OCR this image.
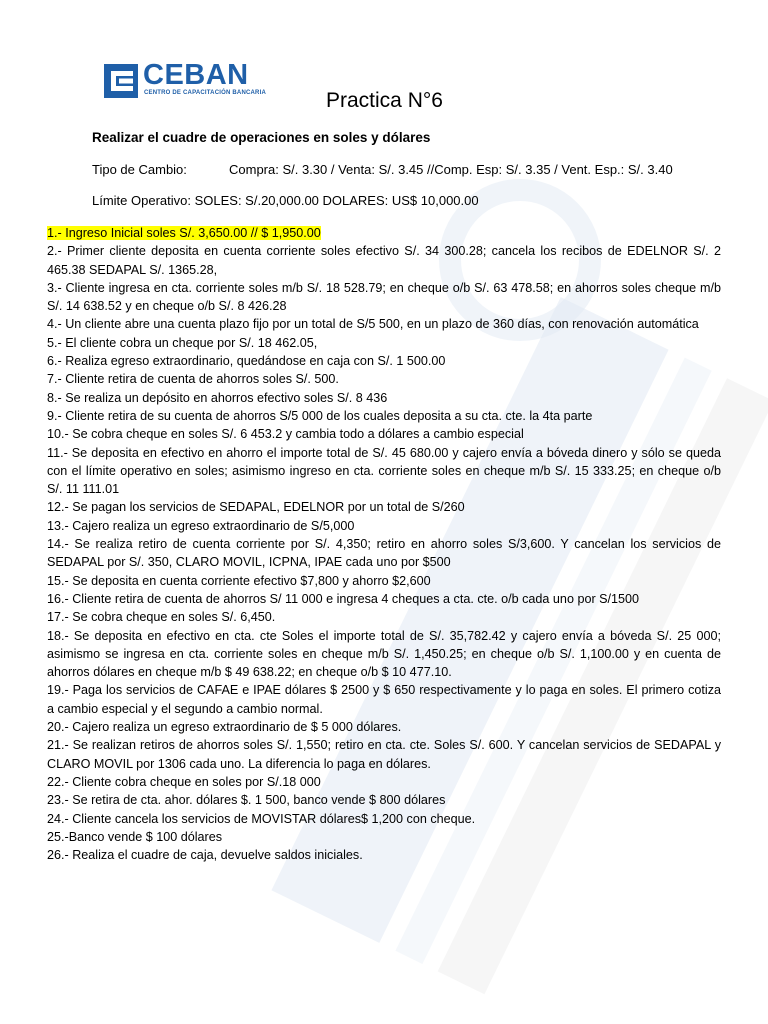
CEBAN
CENTRO DE CAPACITACIÓN BANCARIA	Practica N°6
Realizar el cuadre de operaciones en soles y dólares
Tipo de Cambio:	Compra: S/. 3.30 / Venta: S/. 3.45 //Comp. Esp: S/. 3.35 / Vent. Esp.: S/. 3.40
Límite Operativo: SOLES: S/.20,000.00 DOLARES: US$ 10,000.00

1.- Ingreso Inicial soles S/. 3,650.00 // $ 1,950.00

2.- Primer cliente deposita en cuenta corriente soles efectivo S/. 34 300.28; cancela los recibos de EDELNOR S/. 2 465.38 SEDAPAL S/. 1365.28,

3.- Cliente ingresa en cta. corriente soles m/b S/. 18 528.79; en cheque o/b S/. 63 478.58; en ahorros soles cheque m/b S/. 14 638.52 y en cheque o/b S/. 8 426.28

4.- Un cliente abre una cuenta plazo fijo por un total de S/5 500, en un plazo de 360 días, con renovación automática

5.- El cliente cobra un cheque por S/. 18 462.05,

6.- Realiza egreso extraordinario, quedándose en caja con S/. 1 500.00

7.- Cliente retira de cuenta de ahorros soles S/. 500.

8.- Se realiza un depósito en ahorros efectivo soles S/. 8 436

9.- Cliente retira de su cuenta de ahorros S/5 000 de los cuales deposita a su cta. cte. la 4ta parte

10.- Se cobra cheque en soles S/. 6 453.2 y cambia todo a dólares a cambio especial

11.- Se deposita en efectivo en ahorro el importe total de S/. 45 680.00 y cajero envía a bóveda dinero y sólo se queda con el límite operativo en soles; asimismo ingreso en cta. corriente soles en cheque m/b S/. 15 333.25; en cheque o/b S/. 11 111.01

12.- Se pagan los servicios de SEDAPAL, EDELNOR por un total de S/260

13.- Cajero realiza un egreso extraordinario de S/5,000

14.- Se realiza retiro de cuenta corriente por S/. 4,350; retiro en ahorro soles S/3,600. Y cancelan los servicios de SEDAPAL por S/. 350, CLARO MOVIL, ICPNA, IPAE cada uno por $500

15.- Se deposita en cuenta corriente efectivo $7,800 y ahorro $2,600

16.- Cliente retira de cuenta de ahorros S/ 11 000 e ingresa 4 cheques a cta. cte. o/b cada uno por S/1500

17.- Se cobra cheque en soles S/. 6,450.

18.- Se deposita en efectivo en cta. cte Soles el importe total de S/. 35,782.42 y cajero envía a bóveda S/. 25 000; asimismo se ingresa en cta. corriente soles en cheque m/b S/. 1,450.25; en cheque o/b S/. 1,100.00 y en cuenta de ahorros dólares en cheque m/b $ 49 638.22; en cheque o/b $ 10 477.10.

19.- Paga los servicios de CAFAE e IPAE dólares $ 2500 y $ 650 respectivamente y lo paga en soles. El primero cotiza a cambio especial y el segundo a cambio normal.

20.- Cajero realiza un egreso extraordinario de $ 5 000 dólares.

21.- Se realizan retiros de ahorros soles S/. 1,550; retiro en cta. cte. Soles S/. 600. Y cancelan servicios de SEDAPAL y CLARO MOVIL por 1306 cada uno. La diferencia lo paga en dólares.

22.- Cliente cobra cheque en soles por S/.18 000

23.- Se retira de cta. ahor. dólares $. 1 500, banco vende $ 800 dólares

24.- Cliente cancela los servicios de MOVISTAR dólares$ 1,200 con cheque.

25.-Banco vende $ 100 dólares

26.- Realiza el cuadre de caja, devuelve saldos iniciales.
